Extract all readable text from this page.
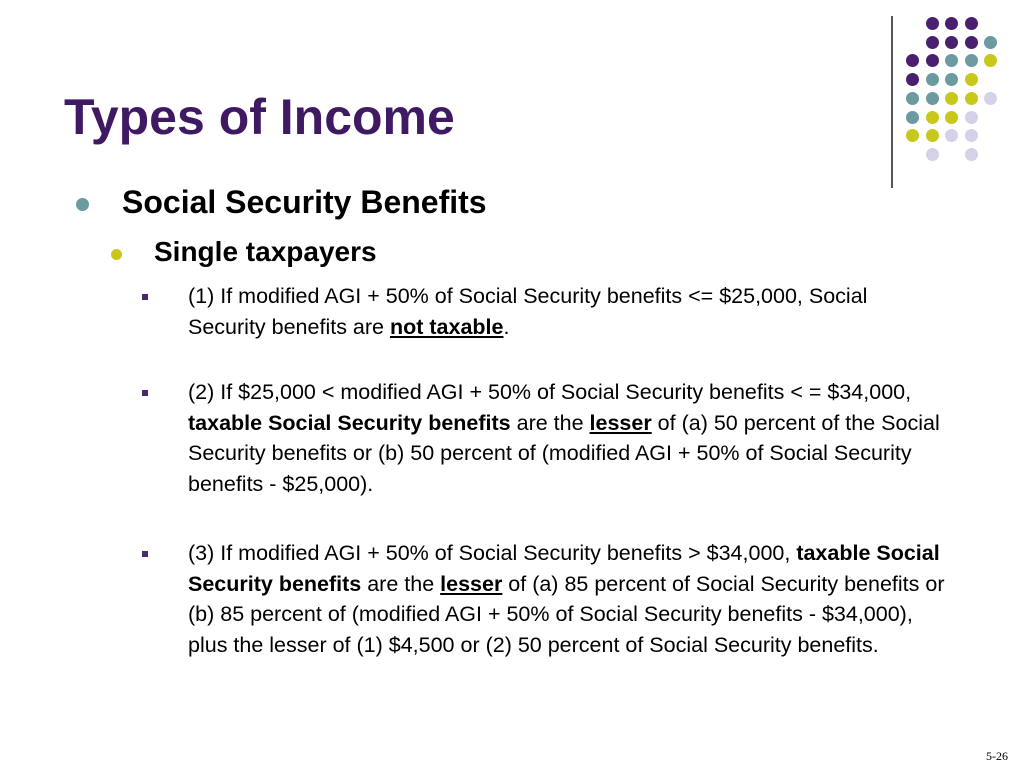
Types of Income
Social Security Benefits
Single taxpayers
(1) If modified AGI + 50% of Social Security benefits <= $25,000, Social Security benefits are not taxable.
(2) If $25,000 < modified AGI + 50% of Social Security benefits < = $34,000, taxable Social Security benefits are the lesser of (a) 50 percent of the Social Security benefits or (b) 50 percent of (modified AGI + 50% of Social Security benefits - $25,000).
(3) If modified AGI + 50% of Social Security benefits > $34,000, taxable Social Security benefits are the lesser of (a) 85 percent of Social Security benefits or (b) 85 percent of (modified AGI + 50% of Social Security benefits - $34,000), plus the lesser of (1) $4,500 or (2) 50 percent of Social Security benefits.
5-26
